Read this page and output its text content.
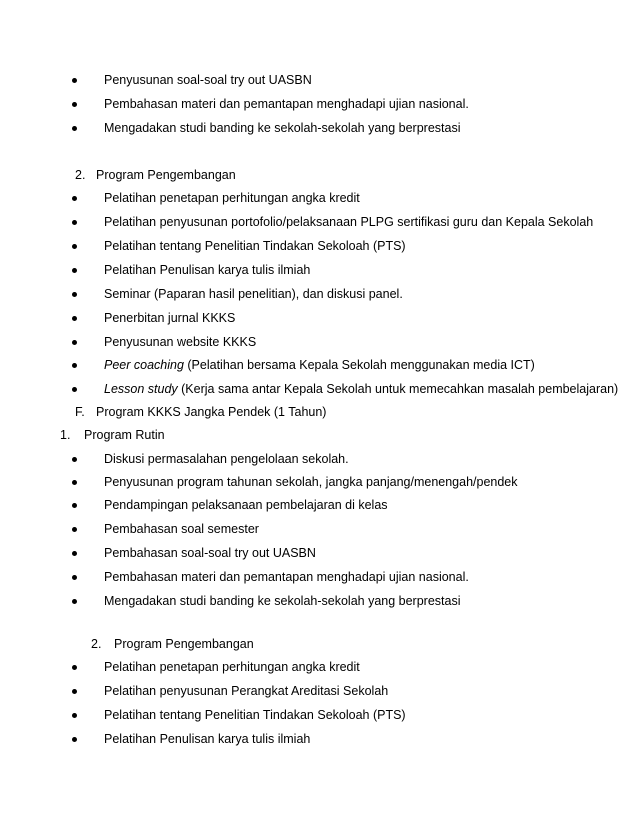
Penyusunan soal-soal try out UASBN
Pembahasan materi dan pemantapan menghadapi ujian nasional.
Mengadakan studi banding ke sekolah-sekolah yang berprestasi
2. Program Pengembangan
Pelatihan penetapan perhitungan angka kredit
Pelatihan penyusunan portofolio/pelaksanaan PLPG sertifikasi guru dan Kepala Sekolah
Pelatihan tentang Penelitian Tindakan Sekoloah (PTS)
Pelatihan Penulisan karya tulis ilmiah
Seminar (Paparan hasil penelitian), dan diskusi panel.
Penerbitan jurnal KKKS
Penyusunan website KKKS
Peer coaching (Pelatihan bersama Kepala Sekolah menggunakan media ICT)
Lesson study (Kerja sama antar Kepala Sekolah untuk memecahkan masalah pembelajaran)
F. Program KKKS Jangka Pendek (1 Tahun)
1. Program Rutin
Diskusi permasalahan pengelolaan sekolah.
Penyusunan program tahunan sekolah, jangka panjang/menengah/pendek
Pendampingan pelaksanaan pembelajaran di kelas
Pembahasan soal semester
Pembahasan soal-soal try out UASBN
Pembahasan materi dan pemantapan menghadapi ujian nasional.
Mengadakan studi banding ke sekolah-sekolah yang berprestasi
2. Program Pengembangan
Pelatihan penetapan perhitungan angka kredit
Pelatihan penyusunan Perangkat Areditasi Sekolah
Pelatihan tentang Penelitian Tindakan Sekoloah (PTS)
Pelatihan Penulisan karya tulis ilmiah
